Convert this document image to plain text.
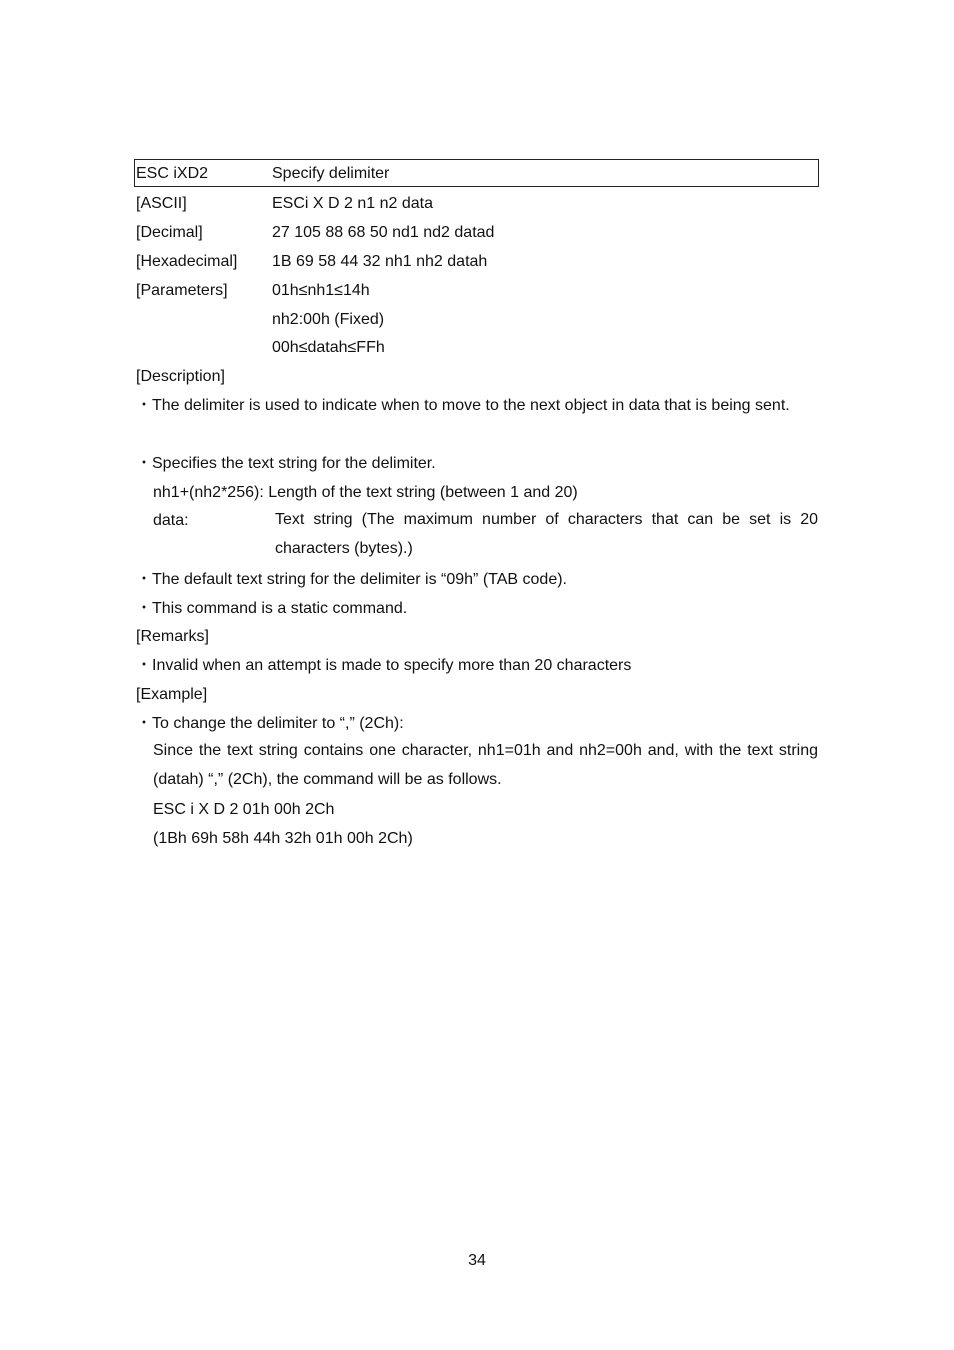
ESC iXD2	Specify delimiter
[ASCII]	ESCi X D 2 n1 n2 data
[Decimal]	27 105 88 68 50 nd1 nd2 datad
[Hexadecimal] 1B 69 58 44 32 nh1 nh2 datah
[Parameters]	01h≤nh1≤14h
nh2:00h (Fixed)
00h≤datah≤FFh
[Description]
・The delimiter is used to indicate when to move to the next object in data that is being sent.
・Specifies the text string for the delimiter.
nh1+(nh2*256): Length of the text string (between 1 and 20)
data:	Text string (The maximum number of characters that can be set is 20 characters (bytes).)
・The default text string for the delimiter is “09h” (TAB code).
・This command is a static command.
[Remarks]
・Invalid when an attempt is made to specify more than 20 characters
[Example]
・To change the delimiter to “,” (2Ch):
Since the text string contains one character, nh1=01h and nh2=00h and, with the text string (datah) “,” (2Ch), the command will be as follows.
ESC i X D 2 01h 00h 2Ch
(1Bh 69h 58h 44h 32h 01h 00h 2Ch)
34
